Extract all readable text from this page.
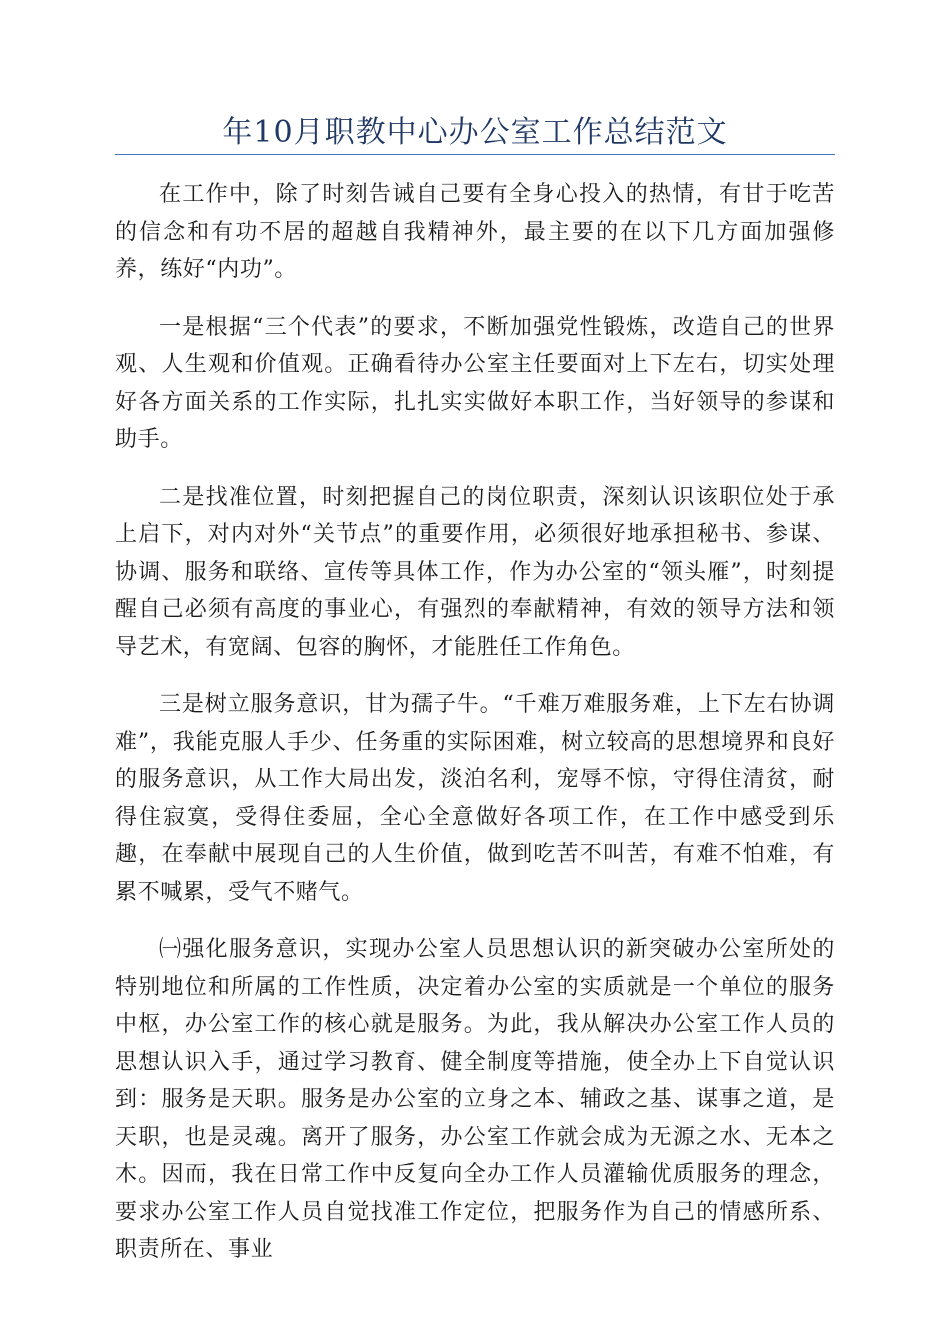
年10月职教中心办公室工作总结范文

在工作中，除了时刻告诫自己要有全身心投入的热情，有甘于吃苦的信念和有功不居的超越自我精神外，最主要的在以下几方面加强修养，练好“内功”。

一是根据“三个代表”的要求，不断加强党性锻炼，改造自己的世界观、人生观和价值观。正确看待办公室主任要面对上下左右，切实处理好各方面关系的工作实际，扎扎实实做好本职工作，当好领导的参谋和助手。

二是找准位置，时刻把握自己的岗位职责，深刻认识该职位处于承上启下，对内对外“关节点”的重要作用，必须很好地承担秘书、参谋、协调、服务和联络、宣传等具体工作，作为办公室的“领头雁”，时刻提醒自己必须有高度的事业心，有强烈的奉献精神，有效的领导方法和领导艺术，有宽阔、包容的胸怀，才能胜任工作角色。

三是树立服务意识，甘为孺子牛。“千难万难服务难，上下左右协调难”，我能克服人手少、任务重的实际困难，树立较高的思想境界和良好的服务意识，从工作大局出发，淡泊名利，宠辱不惊，守得住清贫，耐得住寂寞，受得住委屈，全心全意做好各项工作，在工作中感受到乐趣，在奉献中展现自己的人生价值，做到吃苦不叫苦，有难不怕难，有累不喊累，受气不赌气。

㈠强化服务意识，实现办公室人员思想认识的新突破办公室所处的特别地位和所属的工作性质，决定着办公室的实质就是一个单位的服务中枢，办公室工作的核心就是服务。为此，我从解决办公室工作人员的思想认识入手，通过学习教育、健全制度等措施，使全办上下自觉认识到：服务是天职。服务是办公室的立身之本、辅政之基、谋事之道，是天职，也是灵魂。离开了服务，办公室工作就会成为无源之水、无本之木。因而，我在日常工作中反复向全办工作人员灌输优质服务的理念，要求办公室工作人员自觉找准工作定位，把服务作为自己的情感所系、职责所在、事业
